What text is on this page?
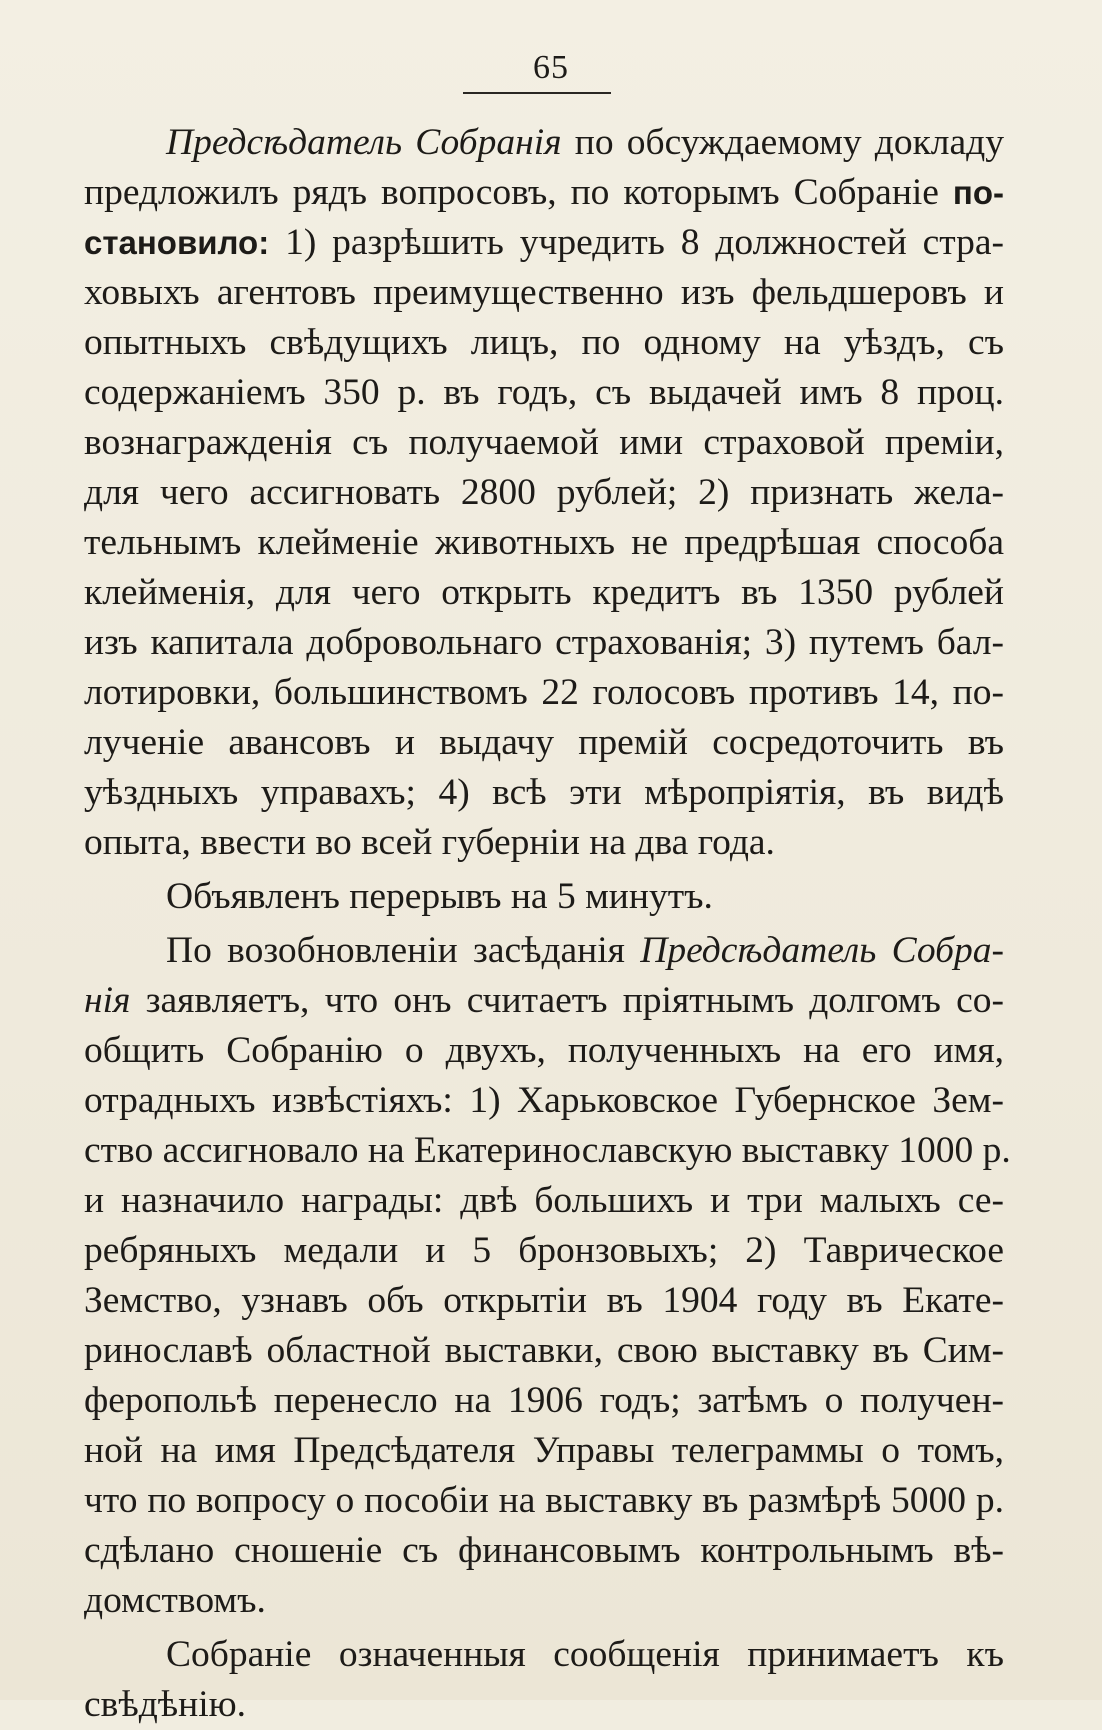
65
Предсѣдатель Собранія по обсуждаемому докладу
предложилъ рядъ вопросовъ, по которымъ Собраніе по-
становило: 1) разрѣшить учредить 8 должностей стра-
ховыхъ агентовъ преимущественно изъ фельдшеровъ и
опытныхъ свѣдущихъ лицъ, по одному на уѣздъ, съ
содержаніемъ 350 р. въ годъ, съ выдачей имъ 8 проц.
вознагражденія съ получаемой ими страховой преміи,
для чего ассигновать 2800 рублей; 2) признать жела-
тельнымъ клейменіе животныхъ не предрѣшая способа
клейменія, для чего открыть кредитъ въ 1350 рублей
изъ капитала добровольнаго страхованія; 3) путемъ бал-
лотировки, большинствомъ 22 голосовъ противъ 14, по-
лученіе авансовъ и выдачу премій сосредоточить въ
уѣздныхъ управахъ; 4) всѣ эти мѣропріятія, въ видѣ
опыта, ввести во всей губерніи на два года.
Объявленъ перерывъ на 5 минутъ.
По возобновленіи засѣданія Предсѣдатель Собра-
нія заявляетъ, что онъ считаетъ пріятнымъ долгомъ со-
общить Собранію о двухъ, полученныхъ на его имя,
отрадныхъ извѣстіяхъ: 1) Харьковское Губернское Зем-
ство ассигновало на Екатеринославскую выставку 1000 р.
и назначило награды: двѣ большихъ и три малыхъ се-
ребряныхъ медали и 5 бронзовыхъ; 2) Таврическое
Земство, узнавъ объ открытіи въ 1904 году въ Екате-
ринославѣ областной выставки, свою выставку въ Сим-
феропольѣ перенесло на 1906 годъ; затѣмъ о получен-
ной на имя Предсѣдателя Управы телеграммы о томъ,
что по вопросу о пособіи на выставку въ размѣрѣ 5000 р.
сдѣлано сношеніе съ финансовымъ контрольнымъ вѣ-
домствомъ.
Собраніе означенныя сообщенія принимаетъ къ
свѣдѣнію.
